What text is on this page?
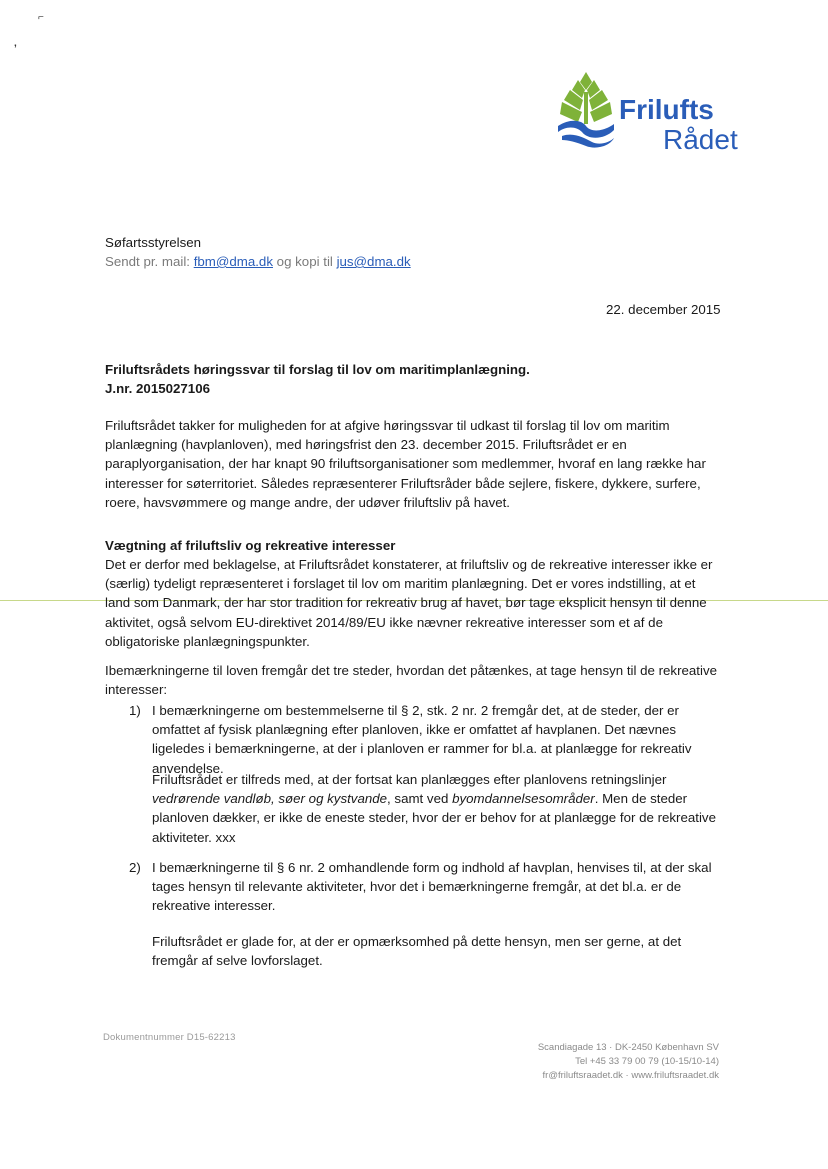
⌐
,
Frilufts
Rådet
Søfartsstyrelsen
Sendt pr. mail: fbm@dma.dk og kopi til jus@dma.dk
22. december 2015
Friluftsrådets høringssvar til forslag til lov om maritimplanlægning.
J.nr. 2015027106
Friluftsrådet takker for muligheden for at afgive høringssvar til udkast til forslag til lov om maritim planlægning (havplanloven), med høringsfrist den 23. december 2015. Friluftsrådet er en paraplyorganisation, der har knapt 90 friluftsorganisationer som medlemmer, hvoraf en lang række har interesser for søterritoriet. Således repræsenterer Friluftsråder både sejlere, fiskere, dykkere, surfere, roere, havsvømmere og mange andre, der udøver friluftsliv på havet.
Vægtning af friluftsliv og rekreative interesser
Det er derfor med beklagelse, at Friluftsrådet konstaterer, at friluftsliv og de rekreative interesser ikke er (særlig) tydeligt repræsenteret i forslaget til lov om maritim planlægning. Det er vores indstilling, at et land som Danmark, der har stor tradition for rekreativ brug af havet, bør tage eksplicit hensyn til denne aktivitet, også selvom EU-direktivet 2014/89/EU ikke nævner rekreative interesser som et af de obligatoriske planlægningspunkter.
Ibemærkningerne til loven fremgår det tre steder, hvordan det påtænkes, at tage hensyn til de rekreative interesser:
1) I bemærkningerne om bestemmelserne til § 2, stk. 2 nr. 2 fremgår det, at de steder, der er omfattet af fysisk planlægning efter planloven, ikke er omfattet af havplanen. Det nævnes ligeledes i bemærkningerne, at der i planloven er rammer for bl.a. at planlægge for rekreativ anvendelse.
Friluftsrådet er tilfreds med, at der fortsat kan planlægges efter planlovens retningslinjer vedrørende vandløb, søer og kystvande, samt ved byomdannelsesområder. Men de steder planloven dækker, er ikke de eneste steder, hvor der er behov for at planlægge for de rekreative aktiviteter. xxx
2) I bemærkningerne til § 6 nr. 2 omhandlende form og indhold af havplan, henvises til, at der skal tages hensyn til relevante aktiviteter, hvor det i bemærkningerne fremgår, at det bl.a. er de rekreative interesser.
Friluftsrådet er glade for, at der er opmærksomhed på dette hensyn, men ser gerne, at det fremgår af selve lovforslaget.
Dokumentnummer D15-62213
Scandiagade 13 · DK-2450 København SV
Tel +45 33 79 00 79 (10-15/10-14)
fr@friluftsraadet.dk · www.friluftsraadet.dk
